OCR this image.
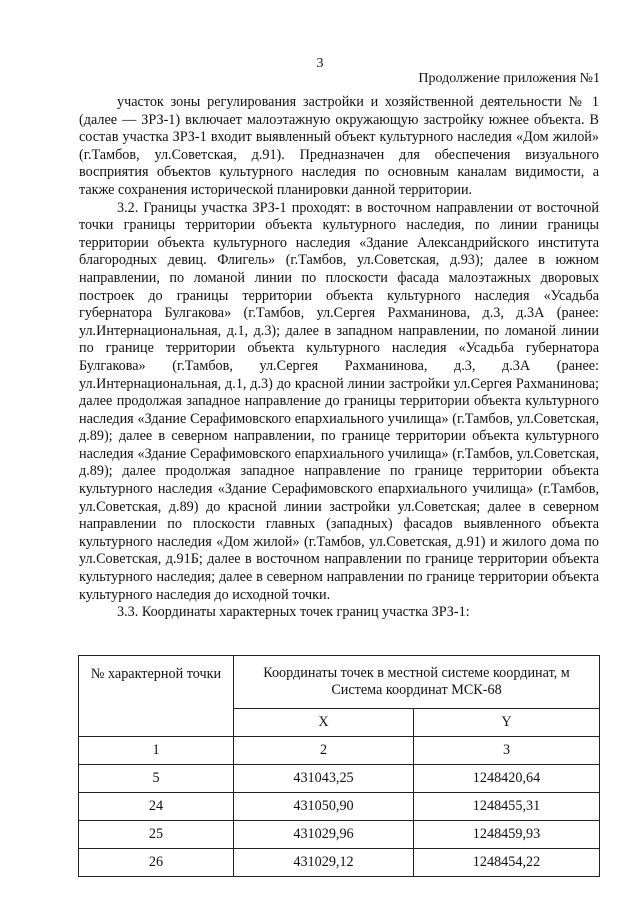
3
Продолжение приложения №1

участок зоны регулирования застройки и хозяйственной деятельности № 1 (далее — ЗРЗ-1) включает малоэтажную окружающую застройку южнее объекта. В состав участка ЗРЗ-1 входит выявленный объект культурного наследия «Дом жилой» (г.Тамбов, ул.Советская, д.91). Предназначен для обеспечения визуального восприятия объектов культурного наследия по основным каналам видимости, а также сохранения исторической планировки данной территории.

3.2. Границы участка ЗРЗ-1 проходят: в восточном направлении от восточной точки границы территории объекта культурного наследия, по линии границы территории объекта культурного наследия «Здание Александрийского института благородных девиц. Флигель» (г.Тамбов, ул.Советская, д.93); далее в южном направлении, по ломаной линии по плоскости фасада малоэтажных дворовых построек до границы территории объекта культурного наследия «Усадьба губернатора Булгакова» (г.Тамбов, ул.Сергея Рахманинова, д.3, д.3А (ранее: ул.Интернациональная, д.1, д.3); далее в западном направлении, по ломаной линии по границе территории объекта культурного наследия «Усадьба губернатора Булгакова» (г.Тамбов, ул.Сергея Рахманинова, д.3, д.3А (ранее: ул.Интернациональная, д.1, д.3) до красной линии застройки ул.Сергея Рахманинова; далее продолжая западное направление до границы территории объекта культурного наследия «Здание Серафимовского епархиального училища» (г.Тамбов, ул.Советская, д.89); далее в северном направлении, по границе территории объекта культурного наследия «Здание Серафимовского епархиального училища» (г.Тамбов, ул.Советская, д.89); далее продолжая западное направление по границе территории объекта культурного наследия «Здание Серафимовского епархиального училища» (г.Тамбов, ул.Советская, д.89) до красной линии застройки ул.Советская; далее в северном направлении по плоскости главных (западных) фасадов выявленного объекта культурного наследия «Дом жилой» (г.Тамбов, ул.Советская, д.91) и жилого дома по ул.Советская, д.91Б; далее в восточном направлении по границе территории объекта культурного наследия; далее в северном направлении по границе территории объекта культурного наследия до исходной точки.

3.3. Координаты характерных точек границ участка ЗРЗ-1:

№ характерной точки	Координаты точек в местной системе координат, м Система координат МСК-68	
	X	Y
1	2	3
5	431043,25	1248420,64
24	431050,90	1248455,31
25	431029,96	1248459,93
26	431029,12	1248454,22
